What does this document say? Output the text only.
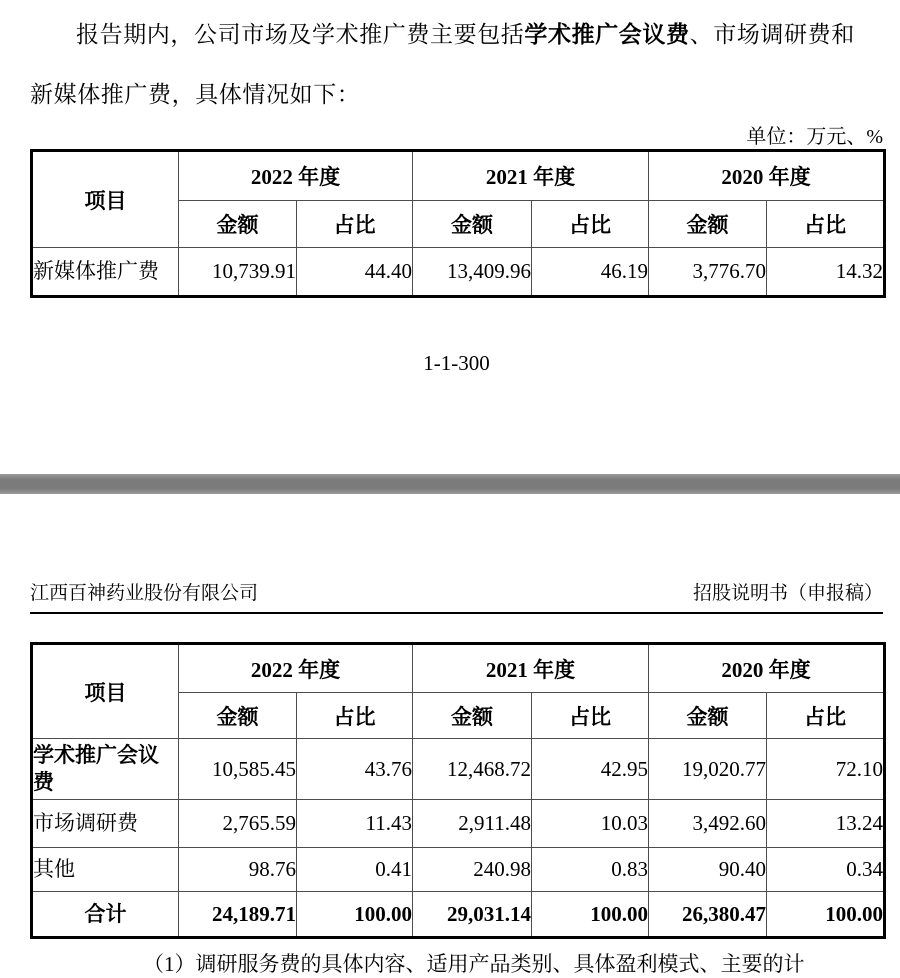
报告期内，公司市场及学术推广费主要包括学术推广会议费、市场调研费和
新媒体推广费，具体情况如下：

单位：万元、%
项目	2022 年度		2021 年度		2020 年度	
	金额	占比	金额	占比	金额	占比
新媒体推广费	10,739.91	44.40	13,409.96	46.19	3,776.70	14.32
1-1-300
江西百神药业股份有限公司	招股说明书（申报稿）
项目	2022 年度		2021 年度		2020 年度	
	金额	占比	金额	占比	金额	占比
学术推广会议费	10,585.45	43.76	12,468.72	42.95	19,020.77	72.10
市场调研费	2,765.59	11.43	2,911.48	10.03	3,492.60	13.24
其他	98.76	0.41	240.98	0.83	90.40	0.34
合计	24,189.71	100.00	29,031.14	100.00	26,380.47	100.00
（1）调研服务费的具体内容、适用产品类别、具体盈利模式、主要的计
